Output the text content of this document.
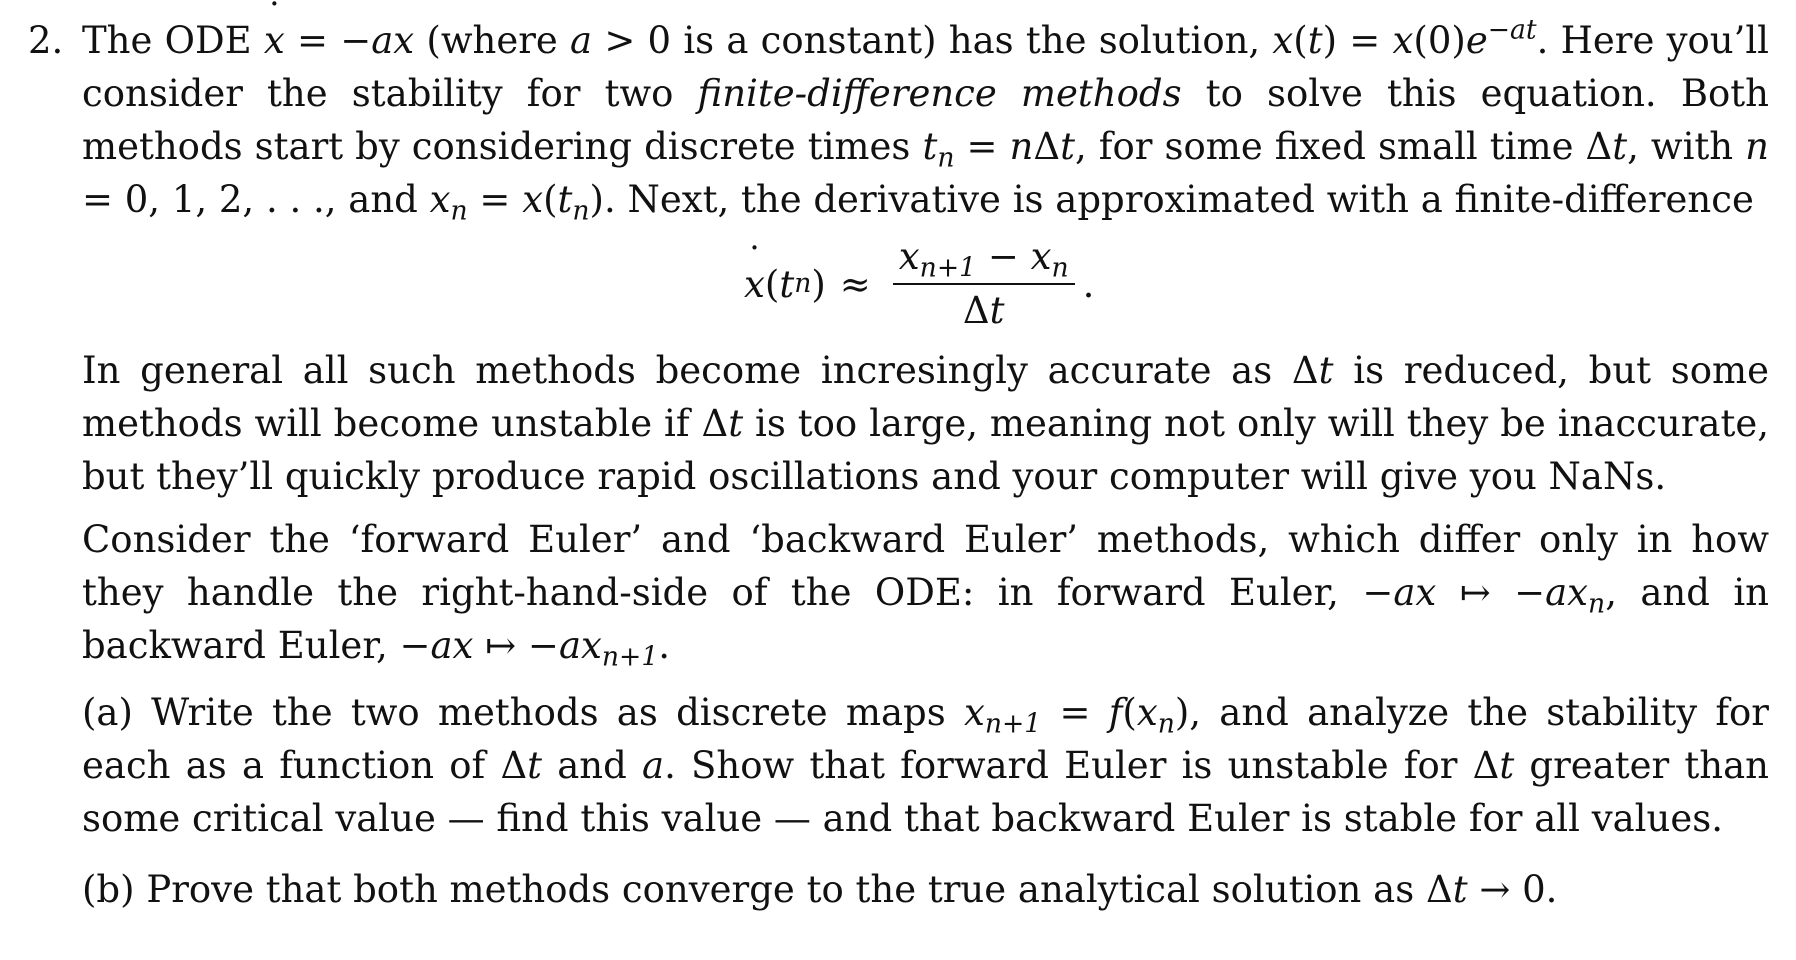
2. The ODE ˙ x = −ax (where a > 0 is a constant) has the solution, $x(t) = x(0)e^{-at}$. Here you’ll consider the stability for two finite-difference methods to solve this equation. Both methods start by considering discrete times $t_n = n\Delta t$, for some fixed small time Δt, with n = 0, 1, 2, . . ., and $x_n = x(t_n)$. Next, the derivative is approximated with a finite-difference

˙ x ( t n ) ≈ $\frac{x_{n+1} - x_n}{\Delta t}$ .

In general all such methods become incresingly accurate as Δt is reduced, but some methods will become unstable if Δt is too large, meaning not only will they be inaccurate, but they’ll quickly produce rapid oscillations and your computer will give you NaNs.

Consider the ‘forward Euler’ and ‘backward Euler’ methods, which differ only in how they handle the right-hand-side of the ODE: in forward Euler, −ax ↦ $-ax_n$, and in backward Euler, −ax ↦ $-ax_{n+1}$.

(a) Write the two methods as discrete maps $x_{n+1} = f(x_n)$, and analyze the stability for each as a function of Δt and a. Show that forward Euler is unstable for Δt greater than some critical value — find this value — and that backward Euler is stable for all values.

(b) Prove that both methods converge to the true analytical solution as Δt → 0.
